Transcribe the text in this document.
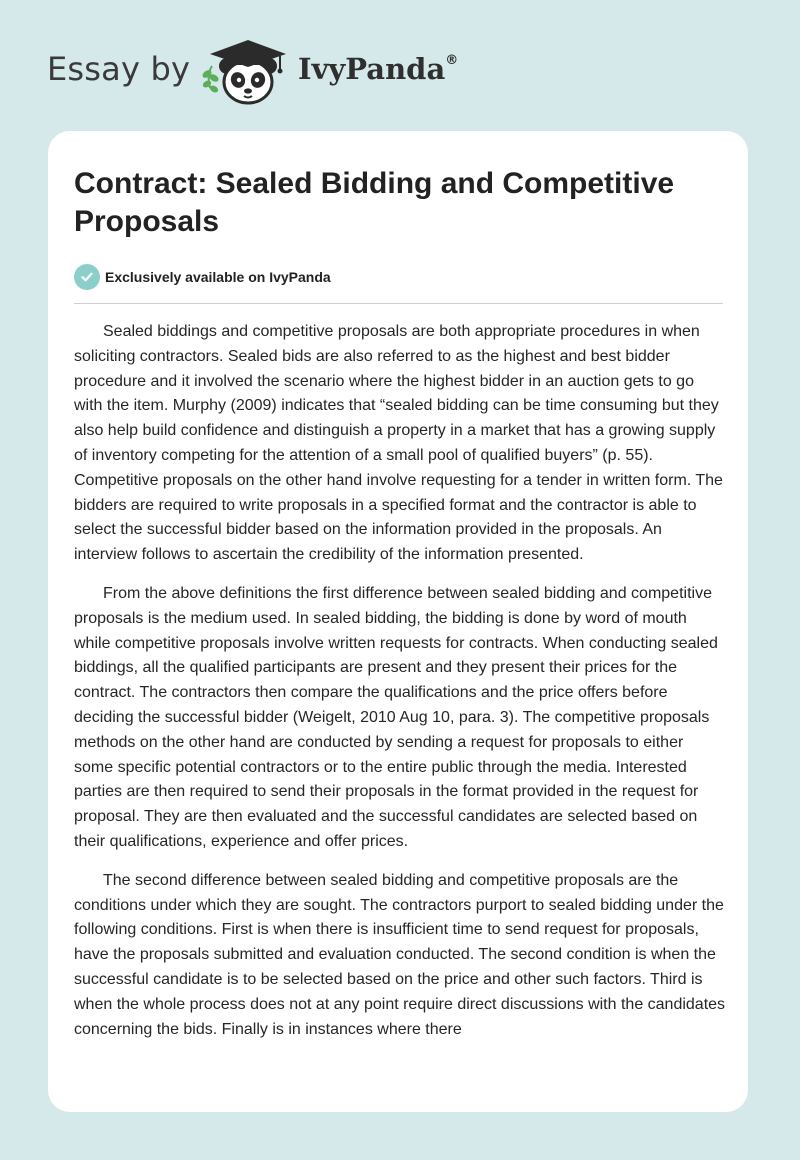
Essay by	IvyPanda®
Contract: Sealed Bidding and Competitive Proposals
Exclusively available on IvyPanda

Sealed biddings and competitive proposals are both appropriate procedures in when soliciting contractors. Sealed bids are also referred to as the highest and best bidder procedure and it involved the scenario where the highest bidder in an auction gets to go with the item. Murphy (2009) indicates that “sealed bidding can be time consuming but they also help build confidence and distinguish a property in a market that has a growing supply of inventory competing for the attention of a small pool of qualified buyers” (p. 55). Competitive proposals on the other hand involve requesting for a tender in written form. The bidders are required to write proposals in a specified format and the contractor is able to select the successful bidder based on the information provided in the proposals. An interview follows to ascertain the credibility of the information presented.

From the above definitions the first difference between sealed bidding and competitive proposals is the medium used. In sealed bidding, the bidding is done by word of mouth while competitive proposals involve written requests for contracts. When conducting sealed biddings, all the qualified participants are present and they present their prices for the contract. The contractors then compare the qualifications and the price offers before deciding the successful bidder (Weigelt, 2010 Aug 10, para. 3). The competitive proposals methods on the other hand are conducted by sending a request for proposals to either some specific potential contractors or to the entire public through the media. Interested parties are then required to send their proposals in the format provided in the request for proposal. They are then evaluated and the successful candidates are selected based on their qualifications, experience and offer prices.

The second difference between sealed bidding and competitive proposals are the conditions under which they are sought. The contractors purport to sealed bidding under the following conditions. First is when there is insufficient time to send request for proposals, have the proposals submitted and evaluation conducted. The second condition is when the successful candidate is to be selected based on the price and other such factors. Third is when the whole process does not at any point require direct discussions with the candidates concerning the bids. Finally is in instances where there
